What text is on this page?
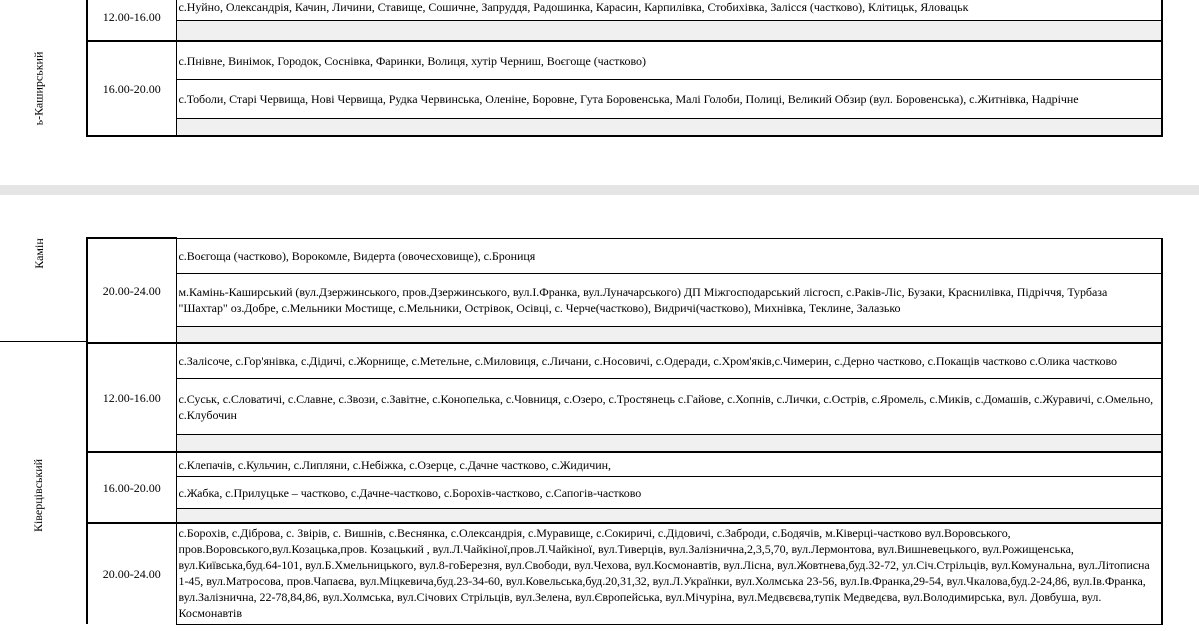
ь-Каширський
12.00-16.00	с.Нуйно, Олександрія, Качин, Личини, Ставище, Сошичне, Запруддя, Радошинка, Карасин, Карпилівка, Стобихівка, Залісся (частково), Клітицьк, Яловацьк

16.00-20.00	с.Пнівне, Винімок, Городок, Соснівка, Фаринки, Волиця, хутір Черниш, Воєгоще (частково)
	с.Тоболи, Старі Червища, Нові Червища, Рудка Червинська, Оленіне, Боровне, Гута Боровенська, Малі Голоби, Полиці, Великий Обзир (вул. Боровенська), с.Житнівка, Надрічне

Камін
Ківерцівський
20.00-24.00	с.Воєгоща (частково), Ворокомле, Видерта (овочесховище), с.Брониця
	м.Камінь-Каширський (вул.Дзержинського, пров.Дзержинського, вул.І.Франка, вул.Луначарського) ДП Міжгосподарський лісгосп, с.Раків-Ліс, Бузаки, Краснилівка, Підріччя, Турбаза "Шахтар" оз.Добре, с.Мельники Мостище, с.Мельники, Острівок, Осівці, с. Черче(частково), Видричі(частково), Михнівка, Теклине, Залазько

12.00-16.00	с.Залісоче, с.Гор'янівка, с.Дідичі, с.Жорнище, с.Метельне, с.Миловиця, с.Личани, с.Носовичі, с.Одеради, с.Хром'яків,с.Чимерин, с.Дерно частково, с.Покащів частково с.Олика частково
	с.Суськ, с.Словатичі, с.Славне, с.Звози, с.Завітне, с.Конопелька, с.Човниця, с.Озеро, с.Тростянець с.Гайове, с.Хопнів, с.Лички, с.Острів, с.Яромель, с.Миків, с.Домашів, с.Журавичі, с.Омельно, с.Клубочин

16.00-20.00	с.Клепачів, с.Кульчин, с.Липляни, с.Небіжка, с.Озерце, с.Дачне частково, с.Жидичин,
	с.Жабка, с.Прилуцьке – частково, с.Дачне-частково, с.Борохів-частково, с.Сапогів-частково

20.00-24.00	с.Борохів, с.Діброва, с. Звірів, с. Вишнів, с.Веснянка, с.Олександрія, с.Муравище, с.Сокиричі, с.Дідовичі, с.Заброди, с.Бодячів, м.Ківерці-частково вул.Воровського, пров.Воровського,вул.Козацька,пров. Козацький , вул.Л.Чайкіної,пров.Л.Чайкіної, вул.Тиверців, вул.Залізнична,2,3,5,70, вул.Лермонтова, вул.Вишневецького, вул.Рожищенська, вул.Київська,буд.64-101, вул.Б.Хмельницького, вул.8-гоБерезня, вул.Свободи, вул.Чехова, вул.Космонавтів, вул.Лісна, вул.Жовтнева,буд.32-72, ул.Січ.Стрільців, вул.Комунальна, вул.Літописна 1-45, вул.Матросова, пров.Чапаєва, вул.Міцкевича,буд.23-34-60, вул.Ковельська,буд.20,31,32, вул.Л.Українки, вул.Холмська 23-56, вул.Ів.Франка,29-54, вул.Чкалова,буд.2-24,86, вул.Ів.Франка, вул.Залізнична, 22-78,84,86, вул.Холмська, вул.Січових Стрільців, вул.Зелена, вул.Європейська, вул.Мічуріна, вул.Медвєвєва,тупік Медведєва, вул.Володимирська, вул. Довбуша, вул. Космонавтів
